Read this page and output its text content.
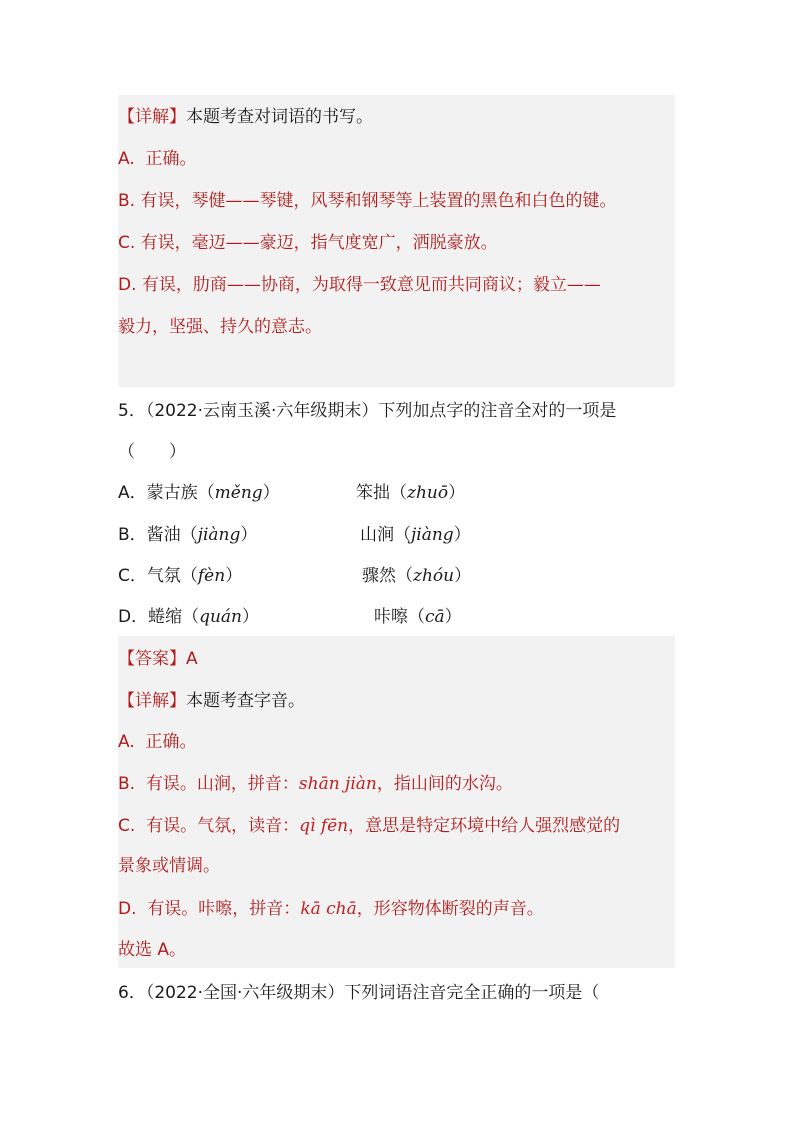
【详解】本题考查对词语的书写。
A. 正确。
B. 有误，琴健——琴键，风琴和钢琴等上装置的黑色和白色的键。
C. 有误，毫迈——豪迈，指气度宽广，洒脱豪放。
D. 有误，肋商——协商，为取得一致意见而共同商议；毅立——
毅力，坚强、持久的意志。
5．（2022·云南玉溪·六年级期末）下列加点字的注音全对的一项是
（　　）
A．蒙古族（měng）	笨拙（zhuō）
B．酱油（jiàng）	山涧（jiàng）
C．气氛（fèn）	骤然（zhóu）
D．蜷缩（quán）	咔嚓（cā）
【答案】A
【详解】本题考查字音。
A. 正确。
B. 有误。山涧，拼音：shān jiàn，指山间的水沟。
C. 有误。气氛，读音：qì fēn，意思是特定环境中给人强烈感觉的
景象或情调。
D. 有误。咔嚓，拼音：kā chā，形容物体断裂的声音。
故选 A。
6．（2022·全国·六年级期末）下列词语注音完全正确的一项是（
